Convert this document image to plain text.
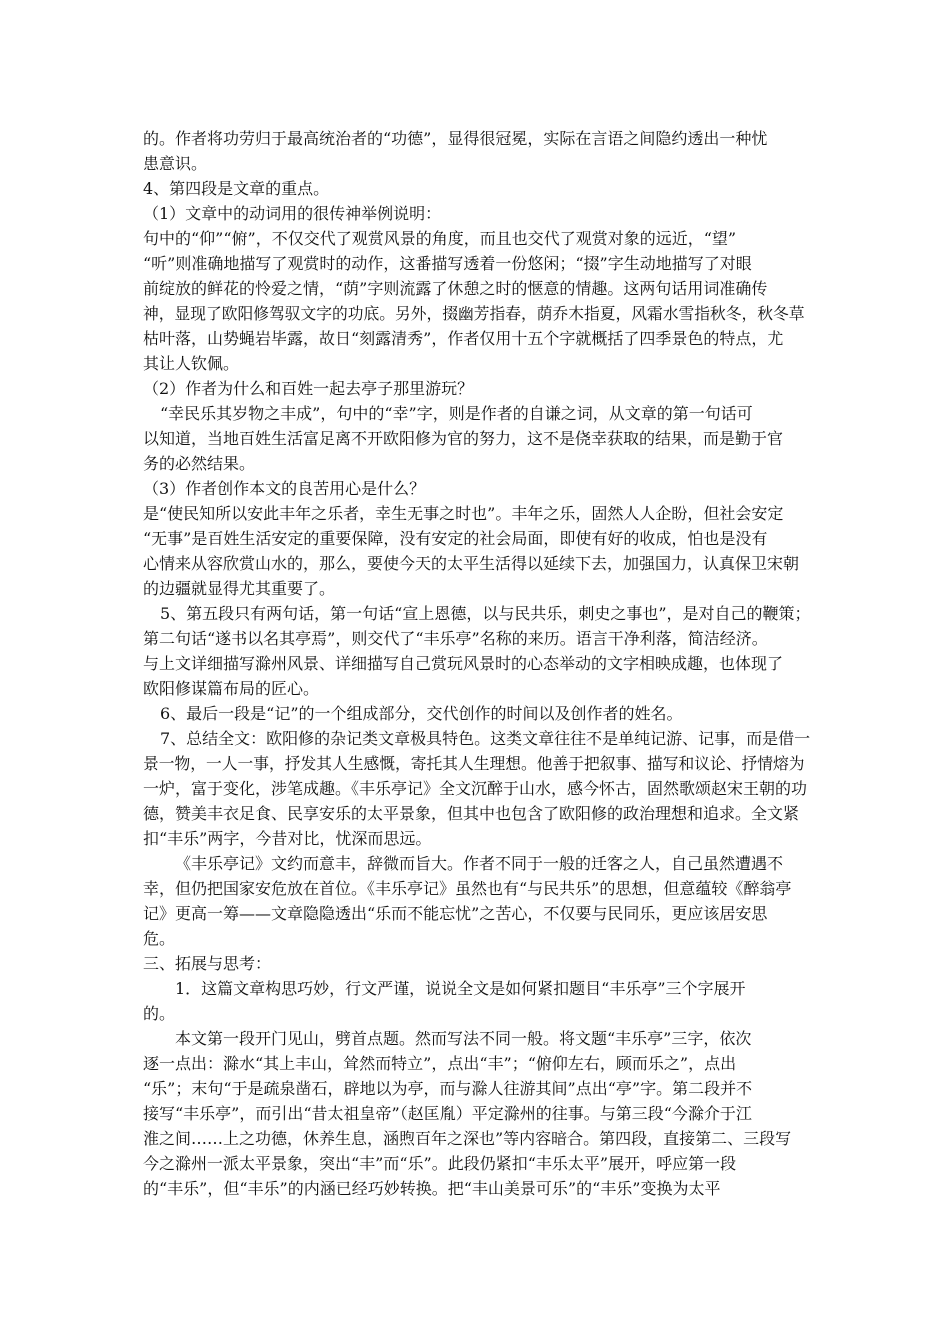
的。作者将功劳归于最高统治者的“功德”，显得很冠冕，实际在言语之间隐约透出一种忧
患意识。
4、第四段是文章的重点。
（1）文章中的动词用的很传神举例说明：
句中的“仰”“俯”，不仅交代了观赏风景的角度，而且也交代了观赏对象的远近，“望”
“听”则准确地描写了观赏时的动作，这番描写透着一份悠闲；“掇”字生动地描写了对眼
前绽放的鲜花的怜爱之情，“荫”字则流露了休憩之时的惬意的情趣。这两句话用词准确传
神，显现了欧阳修驾驭文字的功底。另外，掇幽芳指春，荫乔木指夏，风霜水雪指秋冬，秋冬草
枯叶落，山势蝇岩毕露，故日“刻露清秀”，作者仅用十五个字就概括了四季景色的特点，尤
其让人钦佩。
（2）作者为什么和百姓一起去亭子那里游玩？
“幸民乐其岁物之丰成”，句中的“幸”字，则是作者的自谦之词，从文章的第一句话可
以知道，当地百姓生活富足离不开欧阳修为官的努力，这不是侥幸获取的结果，而是勤于官
务的必然结果。
（3）作者创作本文的良苦用心是什么？
是“使民知所以安此丰年之乐者，幸生无事之时也”。丰年之乐，固然人人企盼，但社会安定
“无事”是百姓生活安定的重要保障，没有安定的社会局面，即使有好的收成，怕也是没有
心情来从容欣赏山水的，那么，要使今天的太平生活得以延续下去，加强国力，认真保卫宋朝
的边疆就显得尤其重要了。
5、第五段只有两句话，第一句话“宣上恩德，以与民共乐，刺史之事也”，是对自己的鞭策；
第二句话“遂书以名其亭焉”，则交代了“丰乐亭”名称的来历。语言干净利落，简洁经济。
与上文详细描写滁州风景、详细描写自己赏玩风景时的心态举动的文字相映成趣，也体现了
欧阳修谋篇布局的匠心。
6、最后一段是“记”的一个组成部分，交代创作的时间以及创作者的姓名。
7、总结全文：欧阳修的杂记类文章极具特色。这类文章往往不是单纯记游、记事，而是借一
景一物，一人一事，抒发其人生感慨，寄托其人生理想。他善于把叙事、描写和议论、抒情熔为
一炉，富于变化，涉笔成趣。《丰乐亭记》全文沉醉于山水，感今怀古，固然歌颂赵宋王朝的功
德，赞美丰衣足食、民享安乐的太平景象，但其中也包含了欧阳修的政治理想和追求。全文紧
扣“丰乐”两字，今昔对比，忧深而思远。
《丰乐亭记》文约而意丰，辞微而旨大。作者不同于一般的迁客之人，自己虽然遭遇不
幸，但仍把国家安危放在首位。《丰乐亭记》虽然也有“与民共乐”的思想，但意蕴较《醉翁亭
记》更高一筹——文章隐隐透出“乐而不能忘忧”之苦心，不仅要与民同乐，更应该居安思
危。
三、拓展与思考：
1．这篇文章构思巧妙，行文严谨，说说全文是如何紧扣题目“丰乐亭”三个字展开
的。
本文第一段开门见山，劈首点题。然而写法不同一般。将文题“丰乐亭”三字，依次
逐一点出：滁水“其上丰山，耸然而特立”，点出“丰”；“俯仰左右，顾而乐之”，点出
“乐”；末句“于是疏泉凿石，辟地以为亭，而与滁人往游其间”点出“亭”字。第二段并不
接写“丰乐亭”，而引出“昔太祖皇帝”（赵匡胤）平定滁州的往事。与第三段“今滁介于江
淮之间……上之功德，休养生息，涵煦百年之深也”等内容暗合。第四段，直接第二、三段写
今之滁州一派太平景象，突出“丰”而“乐”。此段仍紧扣“丰乐太平”展开，呼应第一段
的“丰乐”，但“丰乐”的内涵已经巧妙转换。把“丰山美景可乐”的“丰乐”变换为太平
